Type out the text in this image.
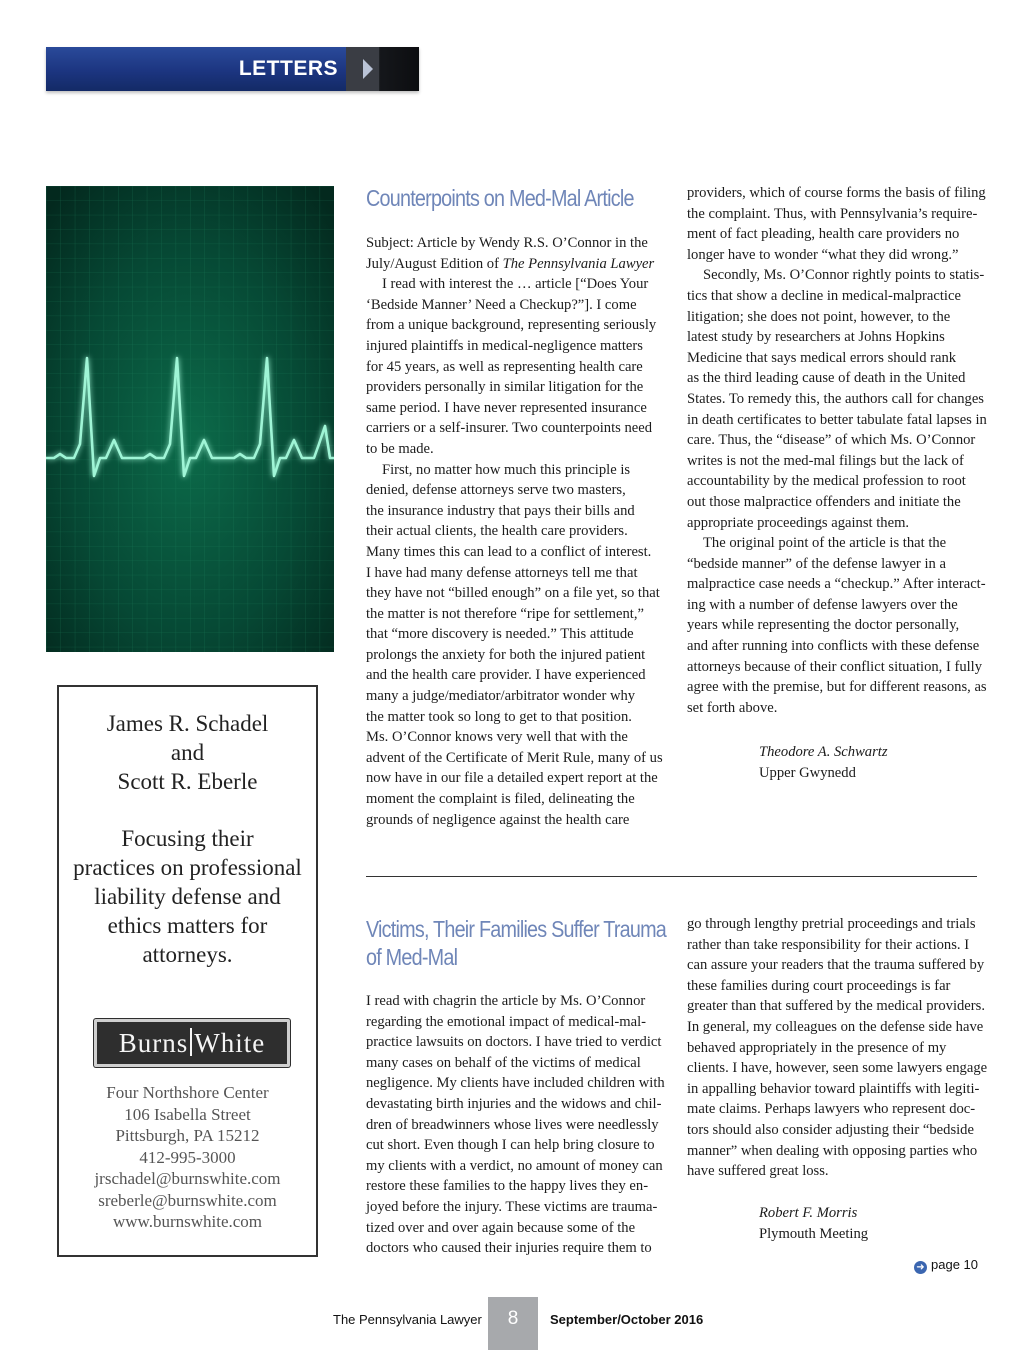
LETTERS
James R. Schadel
and
Scott R. Eberle
Focusing their
practices on professional
liability defense and
ethics matters for
attorneys.
Burns White
Four Northshore Center
106 Isabella Street
Pittsburgh, PA 15212
412-995-3000
jrschadel@burnswhite.com
sreberle@burnswhite.com
www.burnswhite.com
Counterpoints on Med-Mal Article
Subject: Article by Wendy R.S. O’Connor in the
July/August Edition of The Pennsylvania Lawyer
I read with interest the … article [“Does Your
‘Bedside Manner’ Need a Checkup?”]. I come
from a unique background, representing seriously
injured plaintiffs in medical-negligence matters
for 45 years, as well as representing health care
providers personally in similar litigation for the
same period. I have never represented insurance
carriers or a self-insurer. Two counterpoints need
to be made.
First, no matter how much this principle is
denied, defense attorneys serve two masters,
the insurance industry that pays their bills and
their actual clients, the health care providers.
Many times this can lead to a conflict of interest.
I have had many defense attorneys tell me that
they have not “billed enough” on a file yet, so that
the matter is not therefore “ripe for settlement,”
that “more discovery is needed.” This attitude
prolongs the anxiety for both the injured patient
and the health care provider. I have experienced
many a judge/mediator/arbitrator wonder why
the matter took so long to get to that position.
Ms. O’Connor knows very well that with the
advent of the Certificate of Merit Rule, many of us
now have in our file a detailed expert report at the
moment the complaint is filed, delineating the
grounds of negligence against the health care
providers, which of course forms the basis of filing
the complaint. Thus, with Pennsylvania’s require-
ment of fact pleading, health care providers no
longer have to wonder “what they did wrong.”
Secondly, Ms. O’Connor rightly points to statis-
tics that show a decline in medical-malpractice
litigation; she does not point, however, to the
latest study by researchers at Johns Hopkins
Medicine that says medical errors should rank
as the third leading cause of death in the United
States. To remedy this, the authors call for changes
in death certificates to better tabulate fatal lapses in
care. Thus, the “disease” of which Ms. O’Connor
writes is not the med-mal filings but the lack of
accountability by the medical profession to root
out those malpractice offenders and initiate the
appropriate proceedings against them.
The original point of the article is that the
“bedside manner” of the defense lawyer in a
malpractice case needs a “checkup.” After interact-
ing with a number of defense lawyers over the
years while representing the doctor personally,
and after running into conflicts with these defense
attorneys because of their conflict situation, I fully
agree with the premise, but for different reasons, as
set forth above.
Theodore A. Schwartz
Upper Gwynedd
Victims, Their Families Suffer Trauma
of Med-Mal
I read with chagrin the article by Ms. O’Connor
regarding the emotional impact of medical-mal-
practice lawsuits on doctors. I have tried to verdict
many cases on behalf of the victims of medical
negligence. My clients have included children with
devastating birth injuries and the widows and chil-
dren of breadwinners whose lives were needlessly
cut short. Even though I can help bring closure to
my clients with a verdict, no amount of money can
restore these families to the happy lives they en-
joyed before the injury. These victims are trauma-
tized over and over again because some of the
doctors who caused their injuries require them to
go through lengthy pretrial proceedings and trials
rather than take responsibility for their actions. I
can assure your readers that the trauma suffered by
these families during court proceedings is far
greater than that suffered by the medical providers.
In general, my colleagues on the defense side have
behaved appropriately in the presence of my
clients. I have, however, seen some lawyers engage
in appalling behavior toward plaintiffs with legiti-
mate claims. Perhaps lawyers who represent doc-
tors should also consider adjusting their “bedside
manner” when dealing with opposing parties who
have suffered great loss.
Robert F. Morris
Plymouth Meeting
➜ page 10
The Pennsylvania Lawyer	8	September/October 2016
